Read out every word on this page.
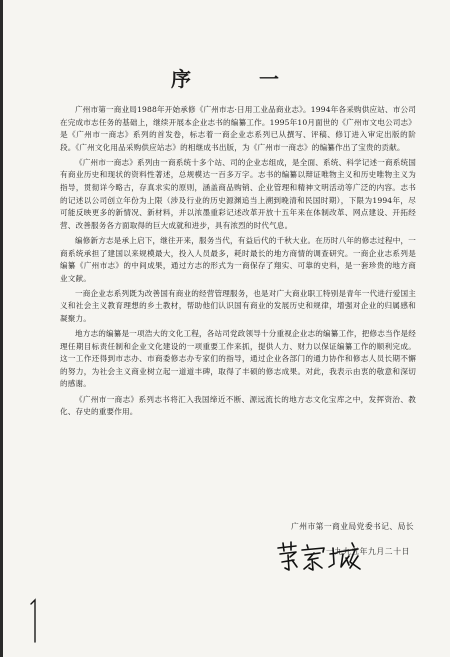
序　一

广州市第一商业局1988年开始承修《广州市志·日用工业品商业志》。1994年各采购供应站、市公司在完成市志任务的基础上，继续开展本企业志书的编纂工作。1995年10月面世的《广州市文电公司志》是《广州市一商志》系列的首发卷，标志着一商企业志系列已从撰写、评稿、修订进入审定出版的阶段。《广州文化用品采购供应站志》的相继成书出版，为《广州市一商志》的编纂作出了宝贵的贡献。

《广州市一商志》系列由一商系统十多个站、司的企业志组成，是全面、系统、科学记述一商系统国有商业历史和现状的资料性著述，总规模达一百多万字。志书的编纂以辩证唯物主义和历史唯物主义为指导，贯彻详今略古，存真求实的原则，涵盖商品购销、企业管理和精神文明活动等广泛的内容。志书的记述以公司创立年份为上限（涉及行业的历史源渊追当上溯到晚清和民国时期），下限为1994年，尽可能反映更多的新情况、新材料，并以浓墨重彩记述改革开放十五年来在体制改革、网点建设、开拓经营、改善服务各方面取得的巨大成就和进步，具有浓烈的时代气息。

编修新方志是承上启下，继往开来，服务当代，有益后代的千秋大业。在历时八年的修志过程中，一商系统承担了建国以来规模最大，投入人员最多，耗时最长的地方商情的调查研究。一商企业志系列是编纂《广州市志》的中间成果，通过方志的形式为一商保存了翔实、可靠的史料，是一套珍贵的地方商业文献。

一商企业志系列既为改善国有商业的经营管理服务，也是对广大商业职工特别是青年一代进行爱国主义和社会主义教育理想的乡土教材，帮助他们认识国有商业的发展历史和规律，增强对企业的归属感和凝聚力。

地方志的编纂是一项浩大的文化工程，各站司党政领导十分重视企业志的编纂工作，把修志当作是经理任期目标责任制和企业文化建设的一项重要工作来抓，提供人力、财力以保证编纂工作的顺利完成。这一工作还得到市志办、市商委修志办专家们的指导，通过企业各部门的通力协作和修志人员长期不懈的努力，为社会主义商业树立起一道道丰碑，取得了丰硕的修志成果。对此，我表示由衷的敬意和深切的感谢。

《广州市一商志》系列志书将汇入我国缔近不断、源远流长的地方志文化宝库之中，发挥资治、教化、存史的重要作用。

广州市第一商业局党委书记、局长
一九九五年九月二十日
